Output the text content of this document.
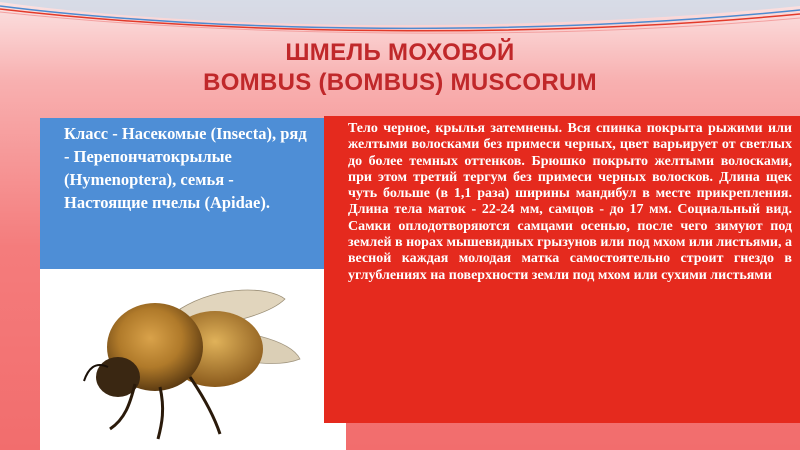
ШМЕЛЬ МОХОВОЙ
BOMBUS (BOMBUS) MUSCORUM
Класс - Насекомые (Insecta), ряд - Перепончатокрылые (Hymenoptera), семья - Настоящие пчелы (Apidae).

Тело черное, крылья затемнены. Вся спинка покрыта рыжими или желтыми волосками без примеси черных, цвет варьирует от светлых до более темных оттенков. Брюшко покрыто желтыми волосками, при этом третий тергум без примеси черных волосков. Длина щек чуть больше (в 1,1 раза) ширины мандибул в месте прикрепления. Длина тела маток - 22-24 мм, самцов - до 17 мм. Социальный вид. Самки оплодотворяются самцами осенью, после чего зимуют под землей в норах мышевидных грызунов или под мхом или листьями, а весной каждая молодая матка самостоятельно строит гнездо в углублениях на поверхности земли под мхом или сухими листьями
